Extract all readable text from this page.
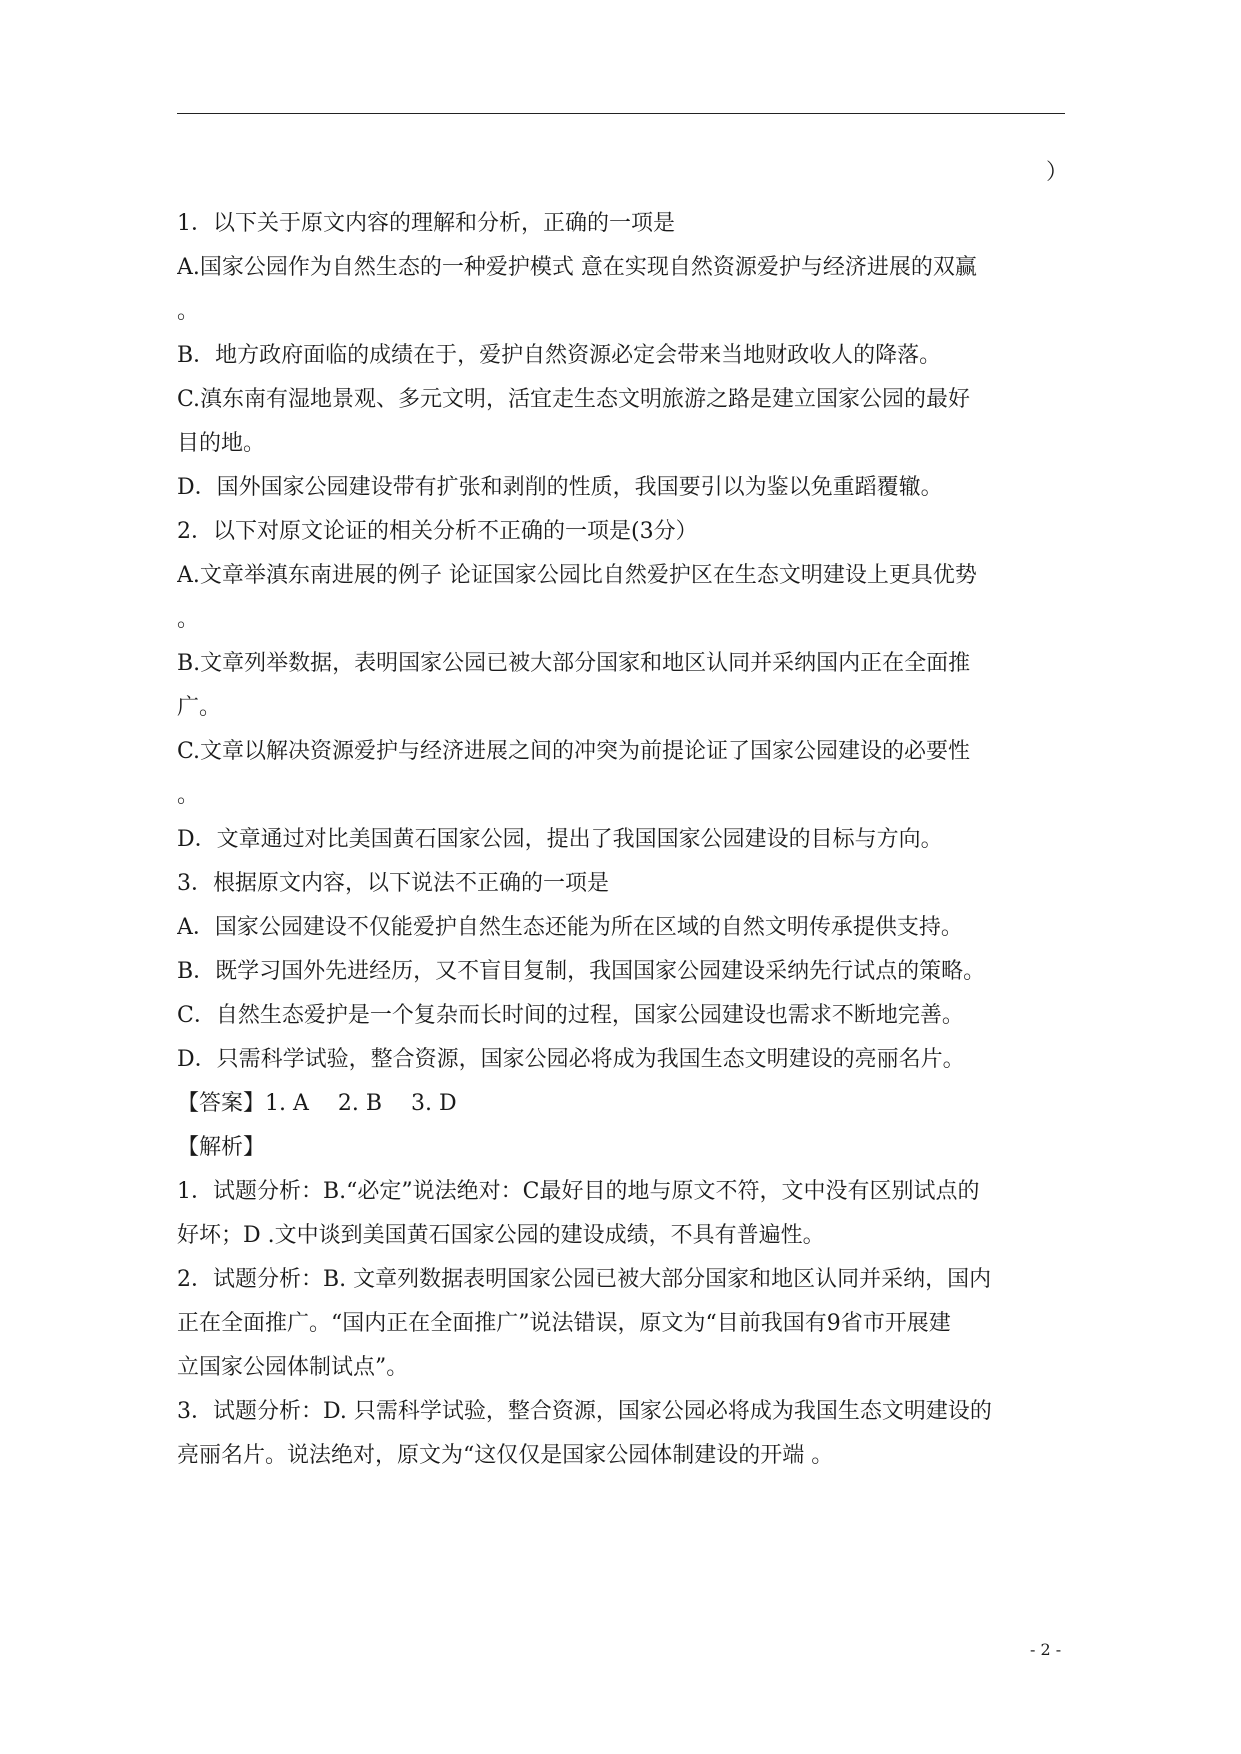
）
1．以下关于原文内容的理解和分析，正确的一项是
A.国家公园作为自然生态的一种爱护模式 意在实现自然资源爱护与经济进展的双赢
。
B．地方政府面临的成绩在于，爱护自然资源必定会带来当地财政收人的降落。
C.滇东南有湿地景观、多元文明，活宜走生态文明旅游之路是建立国家公园的最好
目的地。
D．国外国家公园建设带有扩张和剥削的性质，我国要引以为鉴以免重蹈覆辙。
2．以下对原文论证的相关分析不正确的一项是(3分）
A.文章举滇东南进展的例子 论证国家公园比自然爱护区在生态文明建设上更具优势
。
B.文章列举数据，表明国家公园已被大部分国家和地区认同并采纳国内正在全面推
广。
C.文章以解决资源爱护与经济进展之间的冲突为前提论证了国家公园建设的必要性
。
D．文章通过对比美国黄石国家公园，提出了我国国家公园建设的目标与方向。
3．根据原文内容，以下说法不正确的一项是
A．国家公园建设不仅能爱护自然生态还能为所在区域的自然文明传承提供支持。
B．既学习国外先进经历，又不盲目复制，我国国家公园建设采纳先行试点的策略。
C．自然生态爱护是一个复杂而长时间的过程，国家公园建设也需求不断地完善。
D．只需科学试验，整合资源，国家公园必将成为我国生态文明建设的亮丽名片。
【答案】1. A　 2. B　 3. D
【解析】
1．试题分析：B.“必定”说法绝对：C最好目的地与原文不符，文中没有区别试点的
好坏；D .文中谈到美国黄石国家公园的建设成绩，不具有普遍性。
2．试题分析：B. 文章列数据表明国家公园已被大部分国家和地区认同并采纳，国内
正在全面推广。“国内正在全面推广”说法错误，原文为“目前我国有9省市开展建
立国家公园体制试点”。
3．试题分析：D. 只需科学试验，整合资源，国家公园必将成为我国生态文明建设的
亮丽名片。说法绝对，原文为“这仅仅是国家公园体制建设的开端 。
- 2 -
